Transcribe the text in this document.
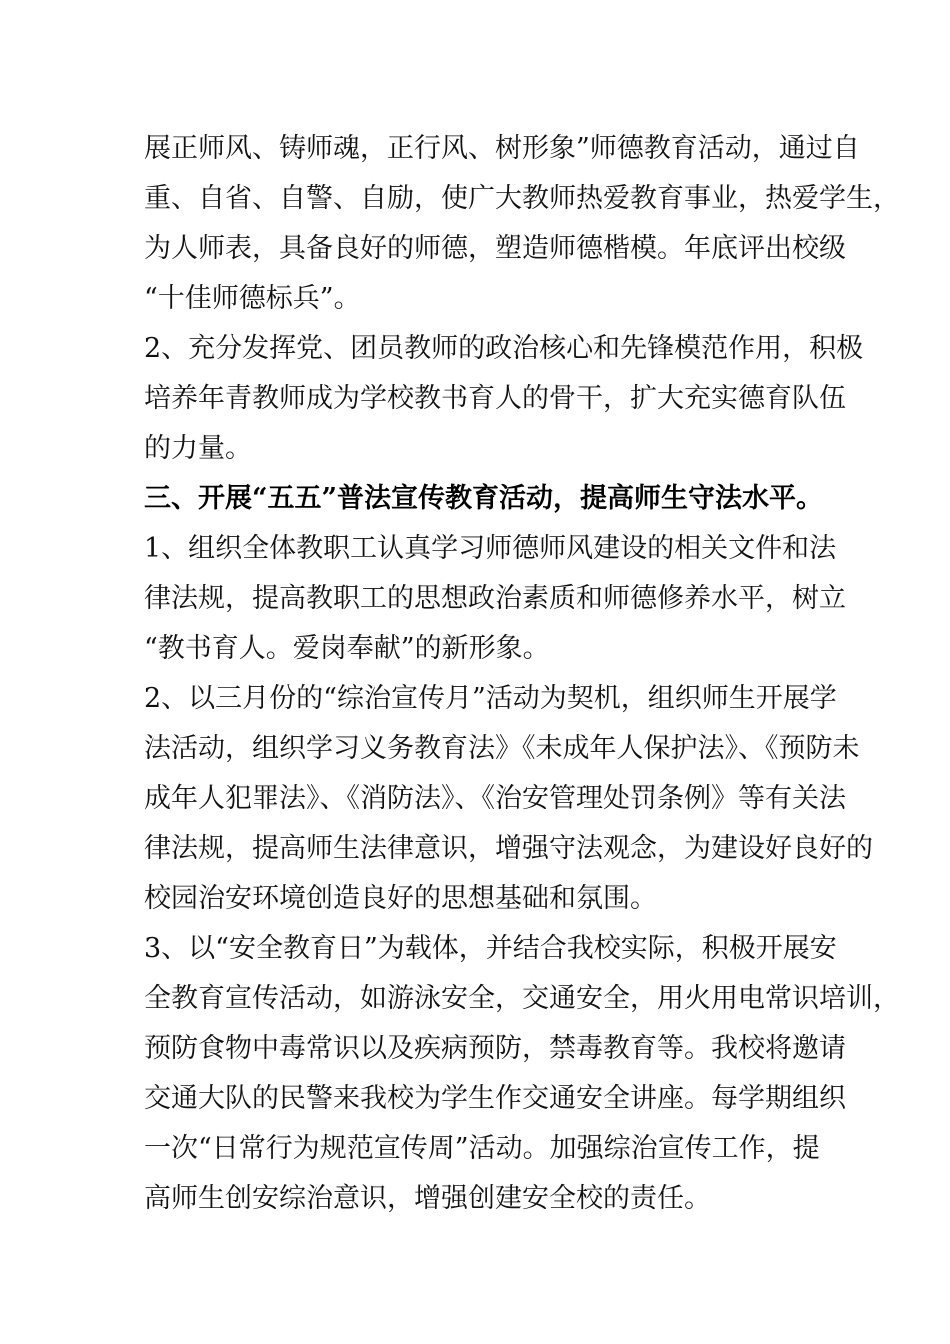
展正师风、铸师魂，正行风、树形象”师德教育活动，通过自
重、自省、自警、自励，使广大教师热爱教育事业，热爱学生，
为人师表，具备良好的师德，塑造师德楷模。年底评出校级
“十佳师德标兵”。
2、充分发挥党、团员教师的政治核心和先锋模范作用，积极
培养年青教师成为学校教书育人的骨干，扩大充实德育队伍
的力量。
三、开展“五五”普法宣传教育活动，提高师生守法水平。
1、组织全体教职工认真学习师德师风建设的相关文件和法
律法规，提高教职工的思想政治素质和师德修养水平，树立
“教书育人。爱岗奉献”的新形象。
2、以三月份的“综治宣传月”活动为契机，组织师生开展学
法活动，组织学习义务教育法》《未成年人保护法》、《预防未
成年人犯罪法》、《消防法》、《治安管理处罚条例》等有关法
律法规，提高师生法律意识，增强守法观念，为建设好良好的
校园治安环境创造良好的思想基础和氛围。
3、以“安全教育日”为载体，并结合我校实际，积极开展安
全教育宣传活动，如游泳安全，交通安全，用火用电常识培训，
预防食物中毒常识以及疾病预防，禁毒教育等。我校将邀请
交通大队的民警来我校为学生作交通安全讲座。每学期组织
一次“日常行为规范宣传周”活动。加强综治宣传工作，提
高师生创安综治意识，增强创建安全校的责任。
